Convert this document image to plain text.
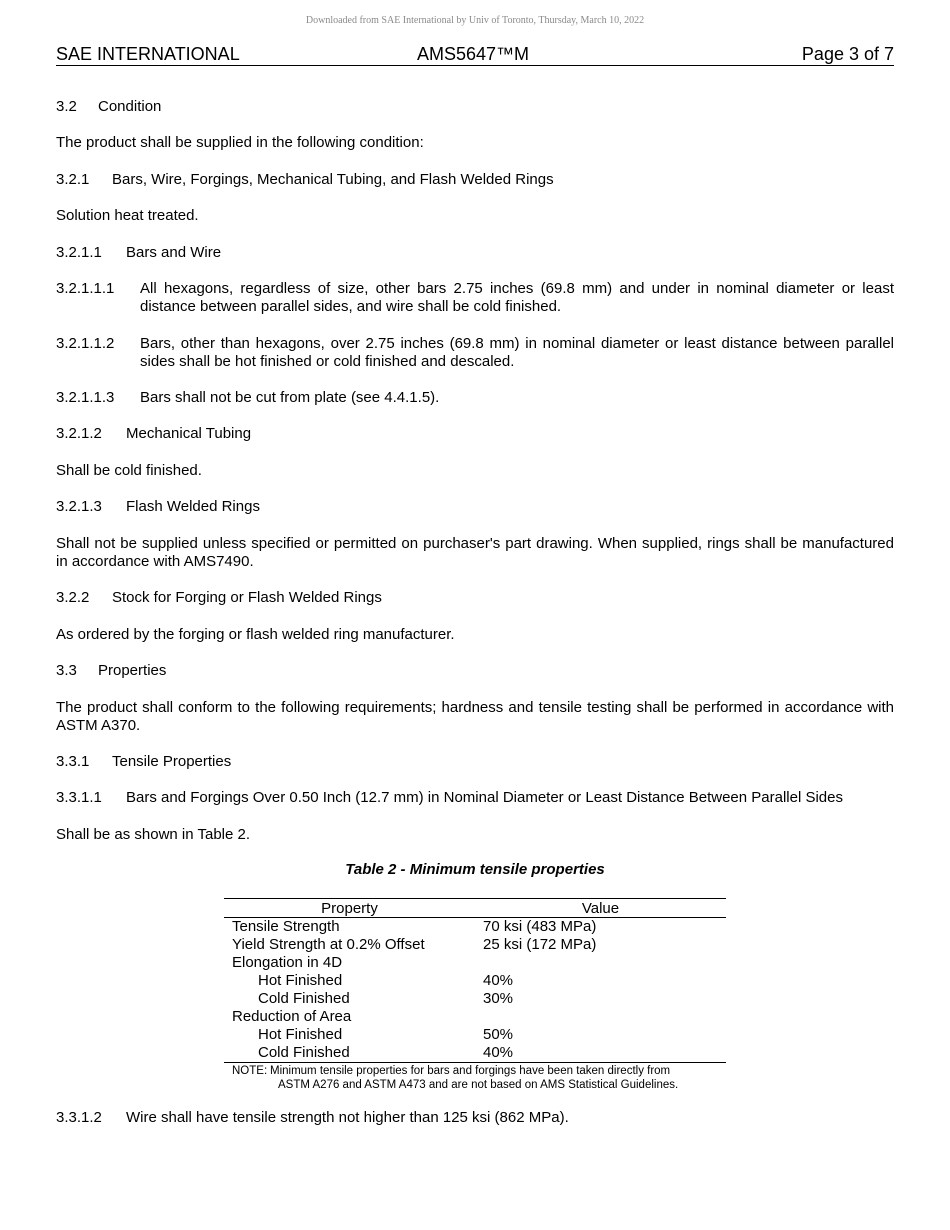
Downloaded from SAE International by Univ of Toronto, Thursday, March 10, 2022
SAE INTERNATIONAL	AMS5647™M	Page 3 of 7
3.2 Condition
The product shall be supplied in the following condition:
3.2.1 Bars, Wire, Forgings, Mechanical Tubing, and Flash Welded Rings
Solution heat treated.
3.2.1.1 Bars and Wire
3.2.1.1.1 All hexagons, regardless of size, other bars 2.75 inches (69.8 mm) and under in nominal diameter or least distance between parallel sides, and wire shall be cold finished.
3.2.1.1.2 Bars, other than hexagons, over 2.75 inches (69.8 mm) in nominal diameter or least distance between parallel sides shall be hot finished or cold finished and descaled.
3.2.1.1.3 Bars shall not be cut from plate (see 4.4.1.5).
3.2.1.2 Mechanical Tubing
Shall be cold finished.
3.2.1.3 Flash Welded Rings
Shall not be supplied unless specified or permitted on purchaser's part drawing. When supplied, rings shall be manufactured in accordance with AMS7490.
3.2.2 Stock for Forging or Flash Welded Rings
As ordered by the forging or flash welded ring manufacturer.
3.3 Properties
The product shall conform to the following requirements; hardness and tensile testing shall be performed in accordance with ASTM A370.
3.3.1 Tensile Properties
3.3.1.1 Bars and Forgings Over 0.50 Inch (12.7 mm) in Nominal Diameter or Least Distance Between Parallel Sides
Shall be as shown in Table 2.
Table 2 - Minimum tensile properties
Property	Value
Tensile Strength	70 ksi (483 MPa)
Yield Strength at 0.2% Offset	25 ksi (172 MPa)
Elongation in 4D
Hot Finished	40%
Cold Finished	30%
Reduction of Area
Hot Finished	50%
Cold Finished	40%
NOTE: Minimum tensile properties for bars and forgings have been taken directly from
ASTM A276 and ASTM A473 and are not based on AMS Statistical Guidelines.
3.3.1.2 Wire shall have tensile strength not higher than 125 ksi (862 MPa).
